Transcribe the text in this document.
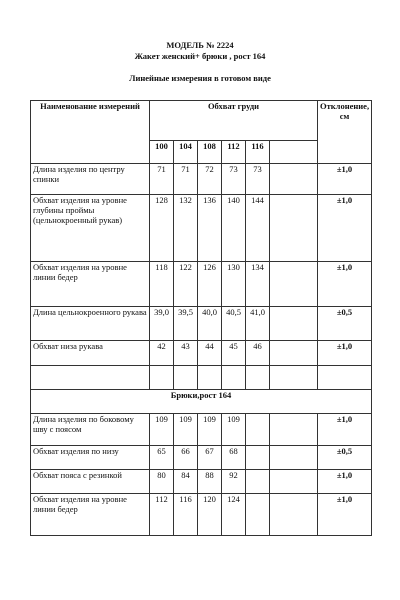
МОДЕЛЬ № 2224
Жакет женский+ брюки , рост 164
Линейные измерения в готовом виде
Наименование измерений	Обхват груди						Отклонение, см
	100	104	108	112	116		
Длина изделия по центру спинки	71	71	72	73	73		±1,0
Обхват изделия на уровне глубины проймы (цельнокроенный рукав)	128	132	136	140	144		±1,0
Обхват изделия на уровне линии бедер	118	122	126	130	134		±1,0
Длина цельнокроенного рукава	39,0	39,5	40,0	40,5	41,0		±0,5
Обхват низа рукава	42	43	44	45	46		±1,0

Брюки,рост 164							
Длина изделия по боковому шву с поясом	109	109	109	109			±1,0
Обхват изделия по низу	65	66	67	68			±0,5
Обхват пояса с резинкой	80	84	88	92			±1,0
Обхват изделия на уровне линии бедер	112	116	120	124			±1,0
